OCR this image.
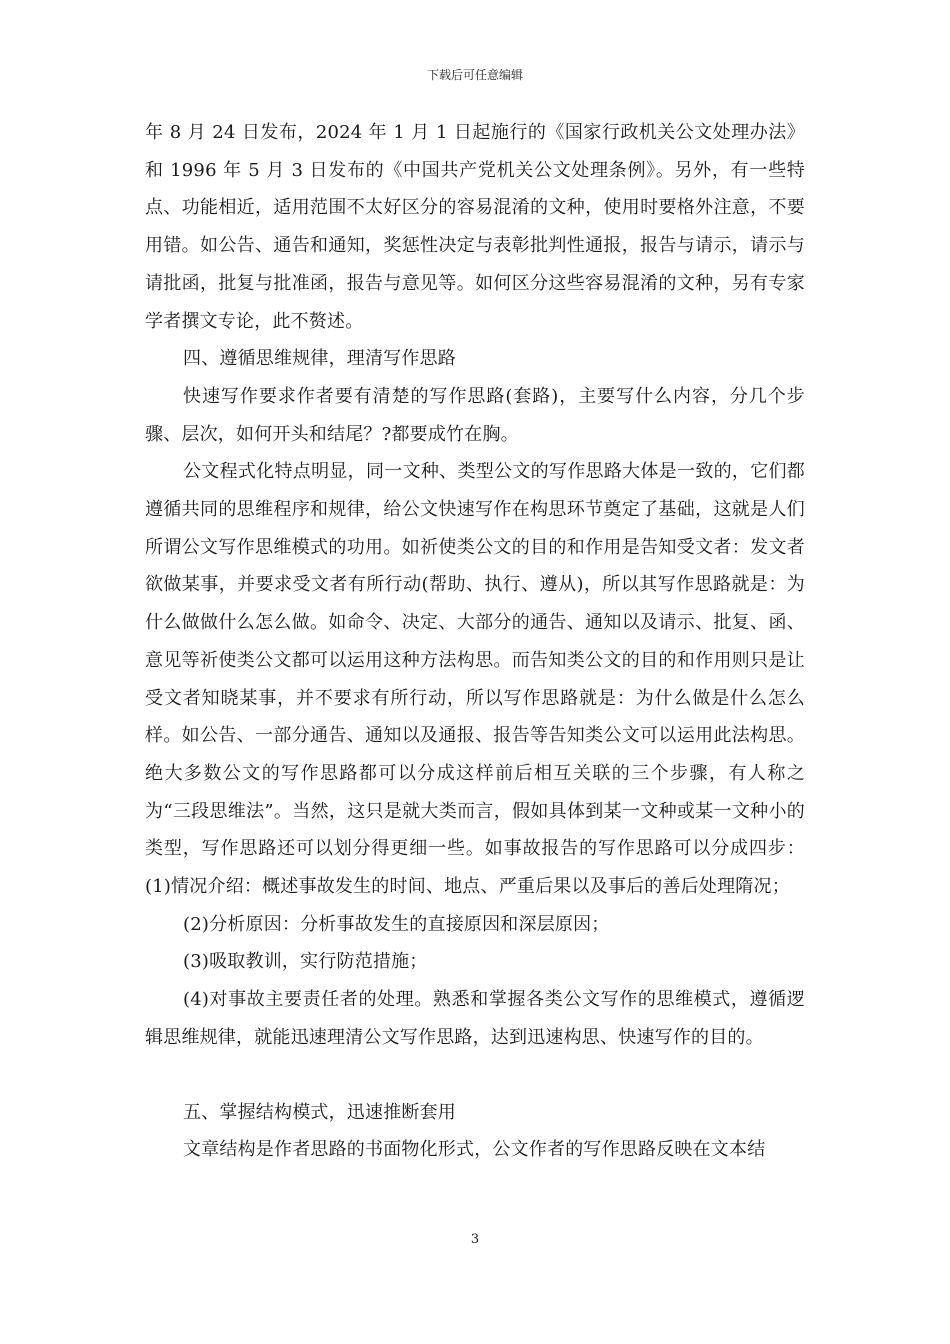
下载后可任意编辑

年 8 月 24 日发布，2024 年 1 月 1 日起施行的《国家行政机关公文处理办法》和 1996 年 5 月 3 日发布的《中国共产党机关公文处理条例》。另外，有一些特点、功能相近，适用范围不太好区分的容易混淆的文种，使用时要格外注意，不要用错。如公告、通告和通知，奖惩性决定与表彰批判性通报，报告与请示，请示与请批函，批复与批准函，报告与意见等。如何区分这些容易混淆的文种，另有专家学者撰文专论，此不赘述。

四、遵循思维规律，理清写作思路

快速写作要求作者要有清楚的写作思路(套路)，主要写什么内容，分几个步骤、层次，如何开头和结尾？?都要成竹在胸。

公文程式化特点明显，同一文种、类型公文的写作思路大体是一致的，它们都遵循共同的思维程序和规律，给公文快速写作在构思环节奠定了基础，这就是人们所谓公文写作思维模式的功用。如祈使类公文的目的和作用是告知受文者：发文者欲做某事，并要求受文者有所行动(帮助、执行、遵从)，所以其写作思路就是：为什么做做什么怎么做。如命令、决定、大部分的通告、通知以及请示、批复、函、意见等祈使类公文都可以运用这种方法构思。而告知类公文的目的和作用则只是让受文者知晓某事，并不要求有所行动，所以写作思路就是：为什么做是什么怎么样。如公告、一部分通告、通知以及通报、报告等告知类公文可以运用此法构思。绝大多数公文的写作思路都可以分成这样前后相互关联的三个步骤，有人称之为“三段思维法”。当然，这只是就大类而言，假如具体到某一文种或某一文种小的类型，写作思路还可以划分得更细一些。如事故报告的写作思路可以分成四步：(1)情况介绍：概述事故发生的时间、地点、严重后果以及事后的善后处理隋况；

(2)分析原因：分析事故发生的直接原因和深层原因；

(3)吸取教训，实行防范措施；

(4)对事故主要责任者的处理。熟悉和掌握各类公文写作的思维模式，遵循逻辑思维规律，就能迅速理清公文写作思路，达到迅速构思、快速写作的目的。

五、掌握结构模式，迅速推断套用

文章结构是作者思路的书面物化形式，公文作者的写作思路反映在文本结

3
